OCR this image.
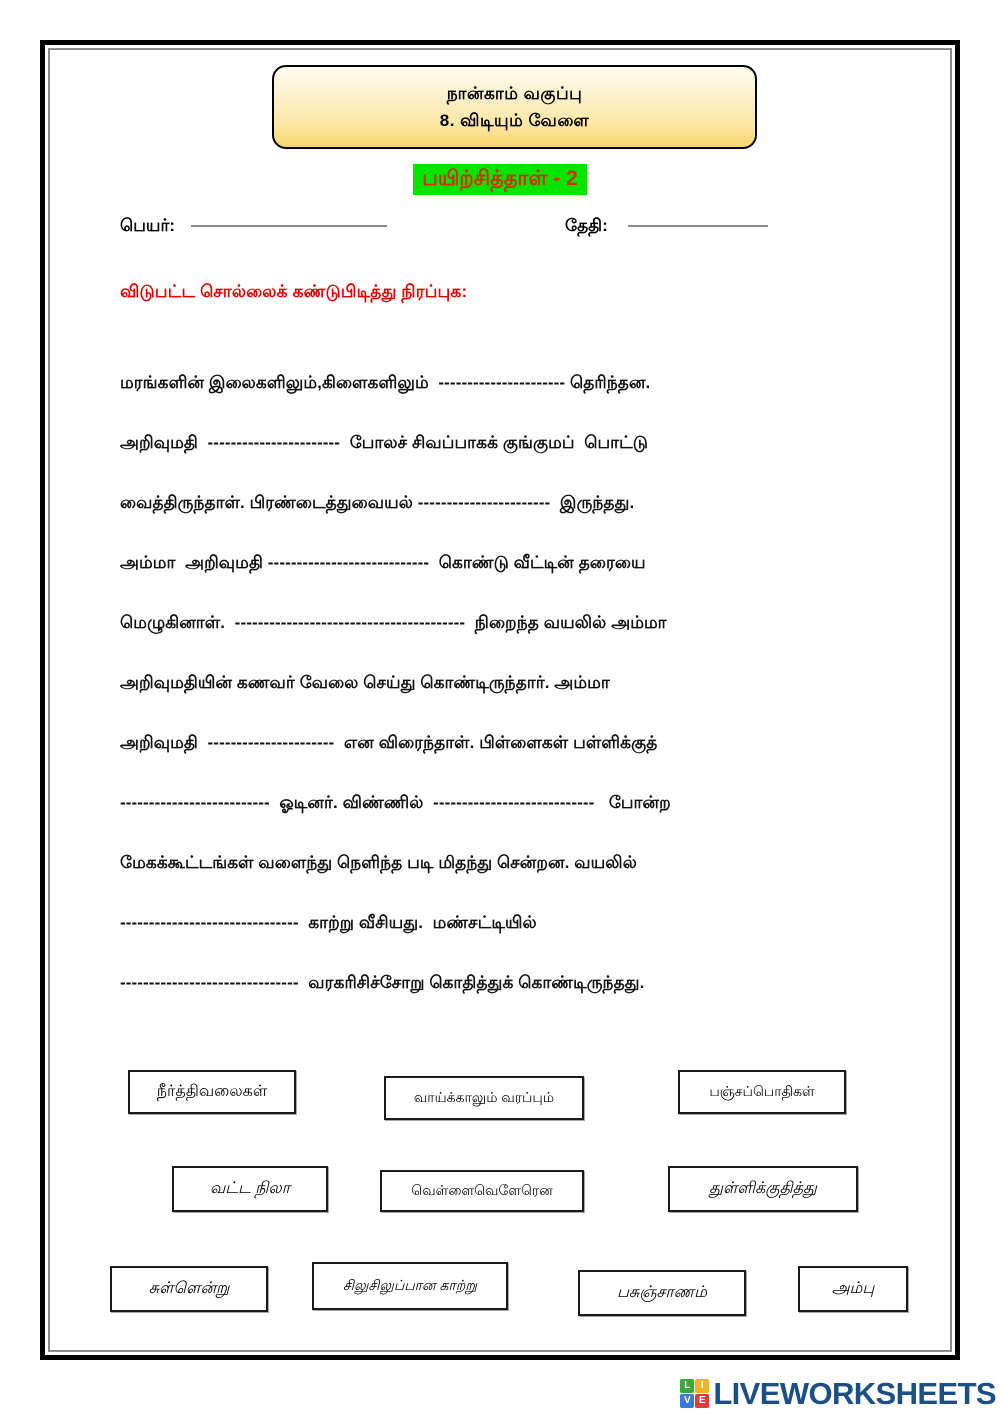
நான்காம் வகுப்பு
8. விடியும் வேளை
பயிற்சித்தாள் - 2
பெயர்:	தேதி:
விடுபட்ட சொல்லைக் கண்டுபிடித்து நிரப்புக:
மரங்களின் இலைகளிலும்,கிளைகளிலும்  ---------------------- தெரிந்தன.
அறிவுமதி  -----------------------  போலச் சிவப்பாகக் குங்குமப்  பொட்டு
வைத்திருந்தாள். பிரண்டைத்துவையல் -----------------------  இருந்தது.
அம்மா  அறிவுமதி ----------------------------  கொண்டு வீட்டின் தரையை
மெழுகினாள்.  ----------------------------------------  நிறைந்த வயலில் அம்மா
அறிவுமதியின் கணவர் வேலை செய்து கொண்டிருந்தார். அம்மா
அறிவுமதி  ----------------------  என விரைந்தாள். பிள்ளைகள் பள்ளிக்குத்
--------------------------  ஓடினர். விண்ணில்  ----------------------------   போன்ற
மேகக்கூட்டங்கள் வளைந்து நெளிந்த படி மிதந்து சென்றன. வயலில்
-------------------------------  காற்று வீசியது.  மண்சட்டியில்
-------------------------------  வரகரிசிச்சோறு கொதித்துக் கொண்டிருந்தது.
நீர்த்திவலைகள்	வாய்க்காலும் வரப்பும்	பஞ்சப்பொதிகள்
வட்ட நிலா	வெள்ளைவெளேரென	துள்ளிக்குதித்து
சுள்ளென்று	சிலுசிலுப்பான காற்று	பசுஞ்சாணம்	அம்பு
L	I
V E LIVEWORKSHEETS
